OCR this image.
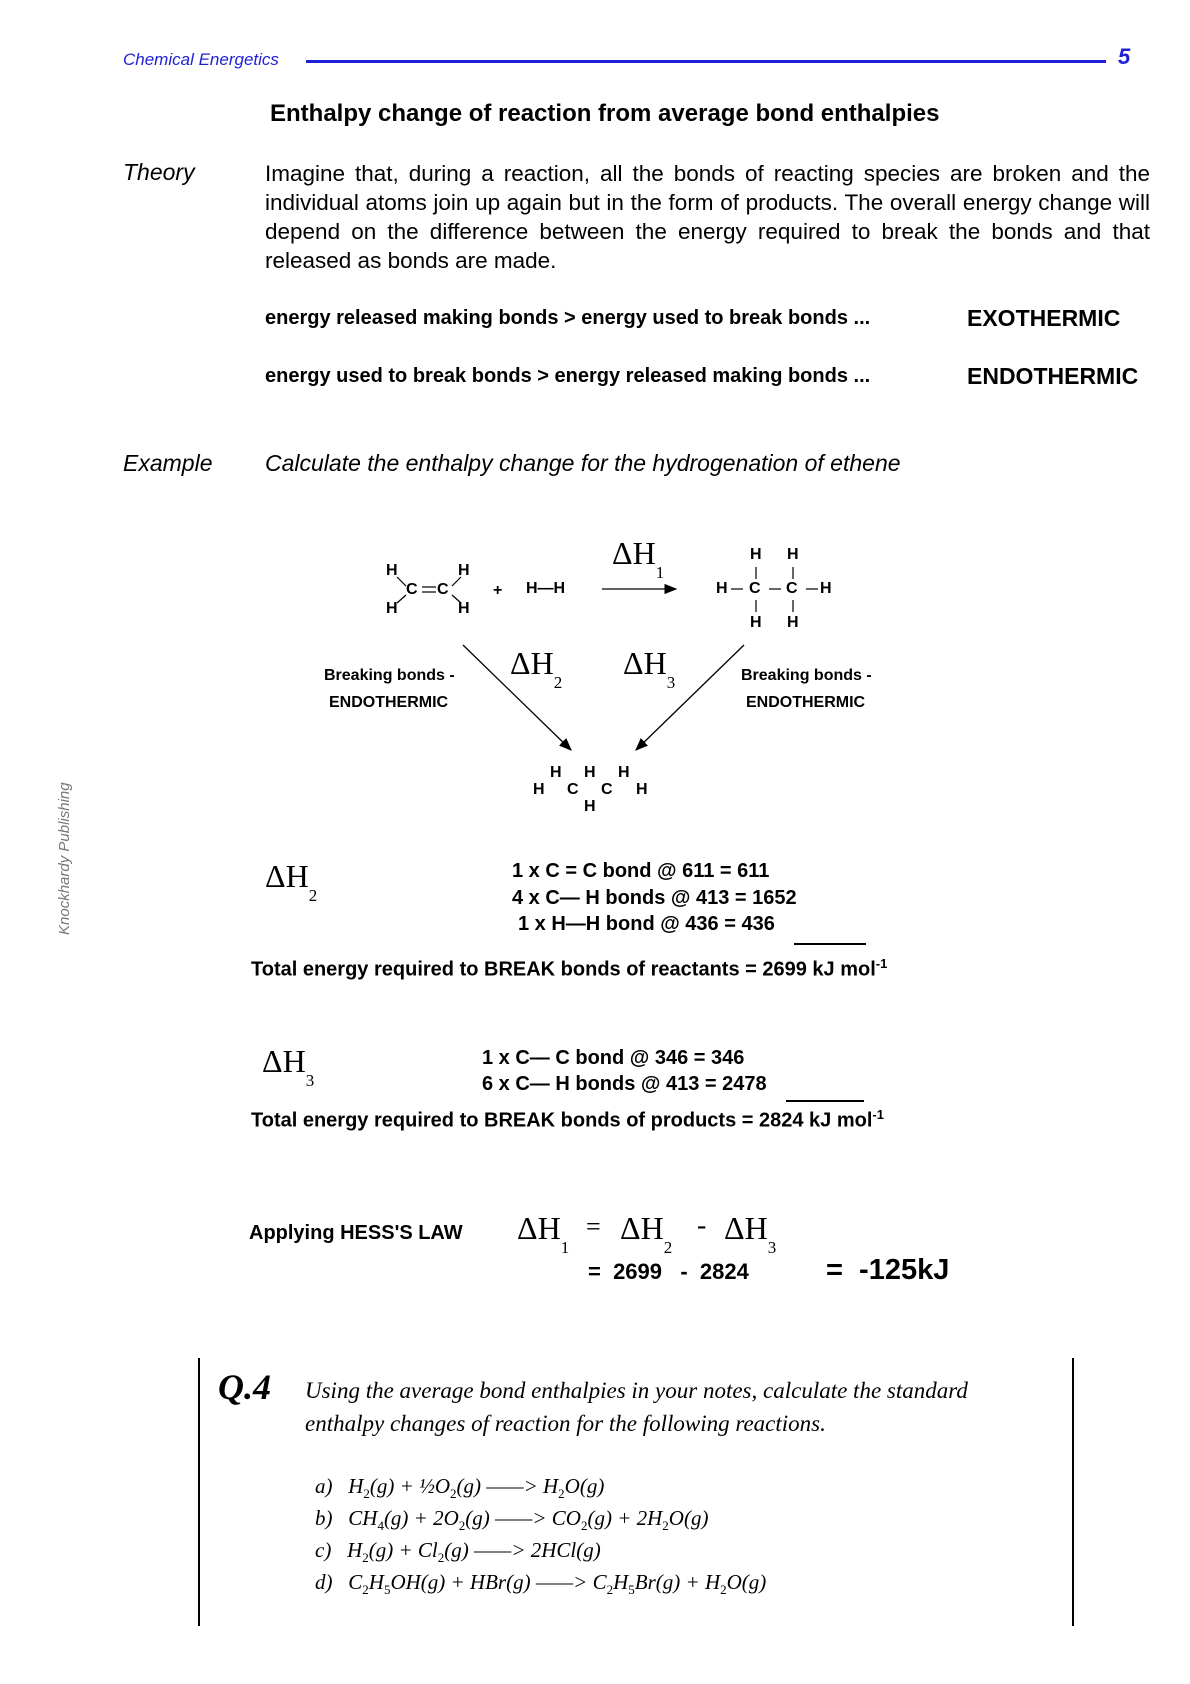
Chemical Energetics	5
Knockhardy Publishing
Enthalpy change of reaction from average bond enthalpies
Theory	Imagine that, during a reaction, all the bonds of reacting species are broken and the individual atoms join up again but in the form of products. The overall energy change will depend on the difference between the energy required to break the bonds and that released as bonds are made.
energy released making bonds > energy used to break bonds ...	EXOTHERMIC
energy used to break bonds > energy released making bonds ...	ENDOTHERMIC
Example Calculate the enthalpy change for the hydrogenation of ethene
H
H
C C
H
H
+ H—H
$\Delta H_1$
H H
H C C H
H H
Breaking bonds -
ENDOTHERMIC
Breaking bonds -
ENDOTHERMIC
$\Delta H_2$
$\Delta H_3$
H H H
H C C H
H
$\Delta H_2$
1 x C = C bond @ 611 = 611
4 x C— H bonds @ 413 = 1652
1 x H—H bond @ 436 = 436
Total energy required to BREAK bonds of reactants = 2699 kJ mol$^{-1}$
$\Delta H_3$
1 x C— C bond @ 346 = 346
6 x C— H bonds @ 413 = 2478
Total energy required to BREAK bonds of products = 2824 kJ mol$^{-1}$
Applying HESS'S LAW $\Delta H_1$
= $\Delta H_2$
- $\Delta H_3$
=  2699   -  2824	=  -125kJ
Q.4 Using the average bond enthalpies in your notes, calculate the standard enthalpy changes of reaction for the following reactions.
a) $H_2(g)$ + $\frac{1}{2}O_2(g)$ ——> $H_2O(g)$
b) $CH_4(g) + 2O_2(g)$ ——> $CO_2(g) + 2H_2O(g)$
c) $H_2(g) + Cl_2(g)$ ——> 2HCl(g)
d) $C_2H_5OH(g) + HBr(g)$ ——> $C_2H_5Br(g) + H_2O(g)$
